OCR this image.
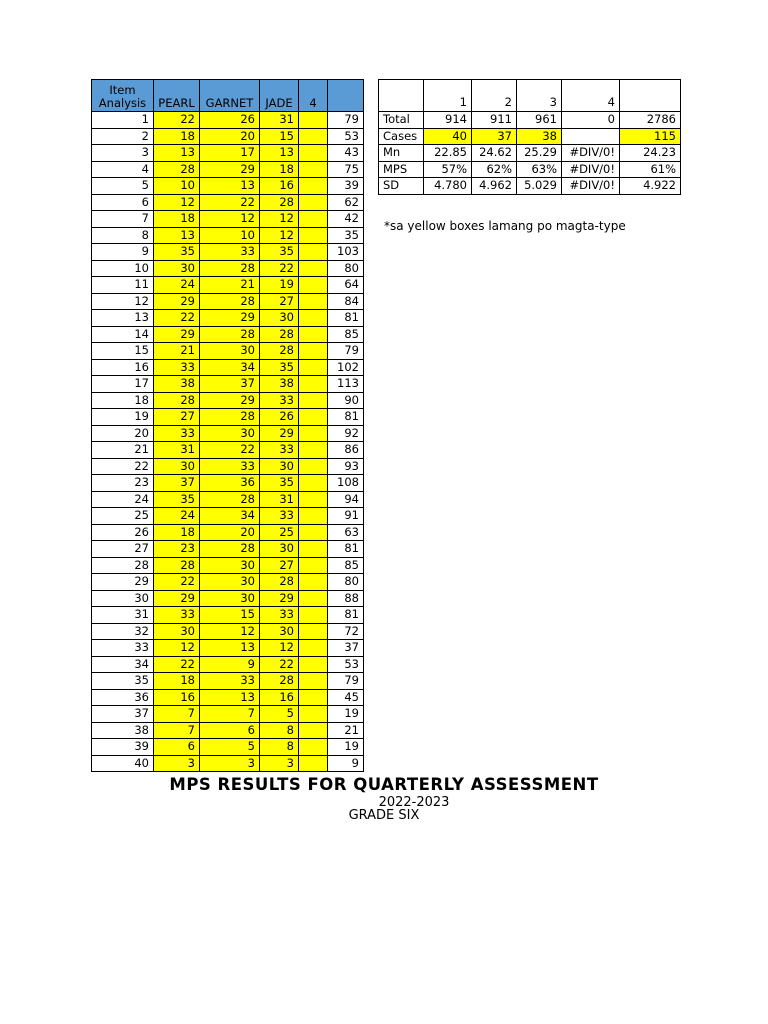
Item Analysis	PEARL	GARNET	JADE	4	
1	22	26	31		79
2	18	20	15		53
3	13	17	13		43
4	28	29	18		75
5	10	13	16		39
6	12	22	28		62
7	18	12	12		42
8	13	10	12		35
9	35	33	35		103
10	30	28	22		80
11	24	21	19		64
12	29	28	27		84
13	22	29	30		81
14	29	28	28		85
15	21	30	28		79
16	33	34	35		102
17	38	37	38		113
18	28	29	33		90
19	27	28	26		81
20	33	30	29		92
21	31	22	33		86
22	30	33	30		93
23	37	36	35		108
24	35	28	31		94
25	24	34	33		91
26	18	20	25		63
27	23	28	30		81
28	28	30	27		85
29	22	30	28		80
30	29	30	29		88
31	33	15	33		81
32	30	12	30		72
33	12	13	12		37
34	22	9	22		53
35	18	33	28		79
36	16	13	16		45
37	7	7	5		19
38	7	6	8		21
39	6	5	8		19
40	3	3	3		9
	1	2	3	4	
Total	914	911	961	0	2786
Cases	40	37	38		115
Mn	22.85	24.62	25.29	#DIV/0!	24.23
MPS	57%	62%	63%	#DIV/0!	61%
SD	4.780	4.962	5.029	#DIV/0!	4.922
*sa yellow boxes lamang po magta-type
MPS RESULTS FOR QUARTERLY ASSESSMENT
2022-2023
GRADE SIX
